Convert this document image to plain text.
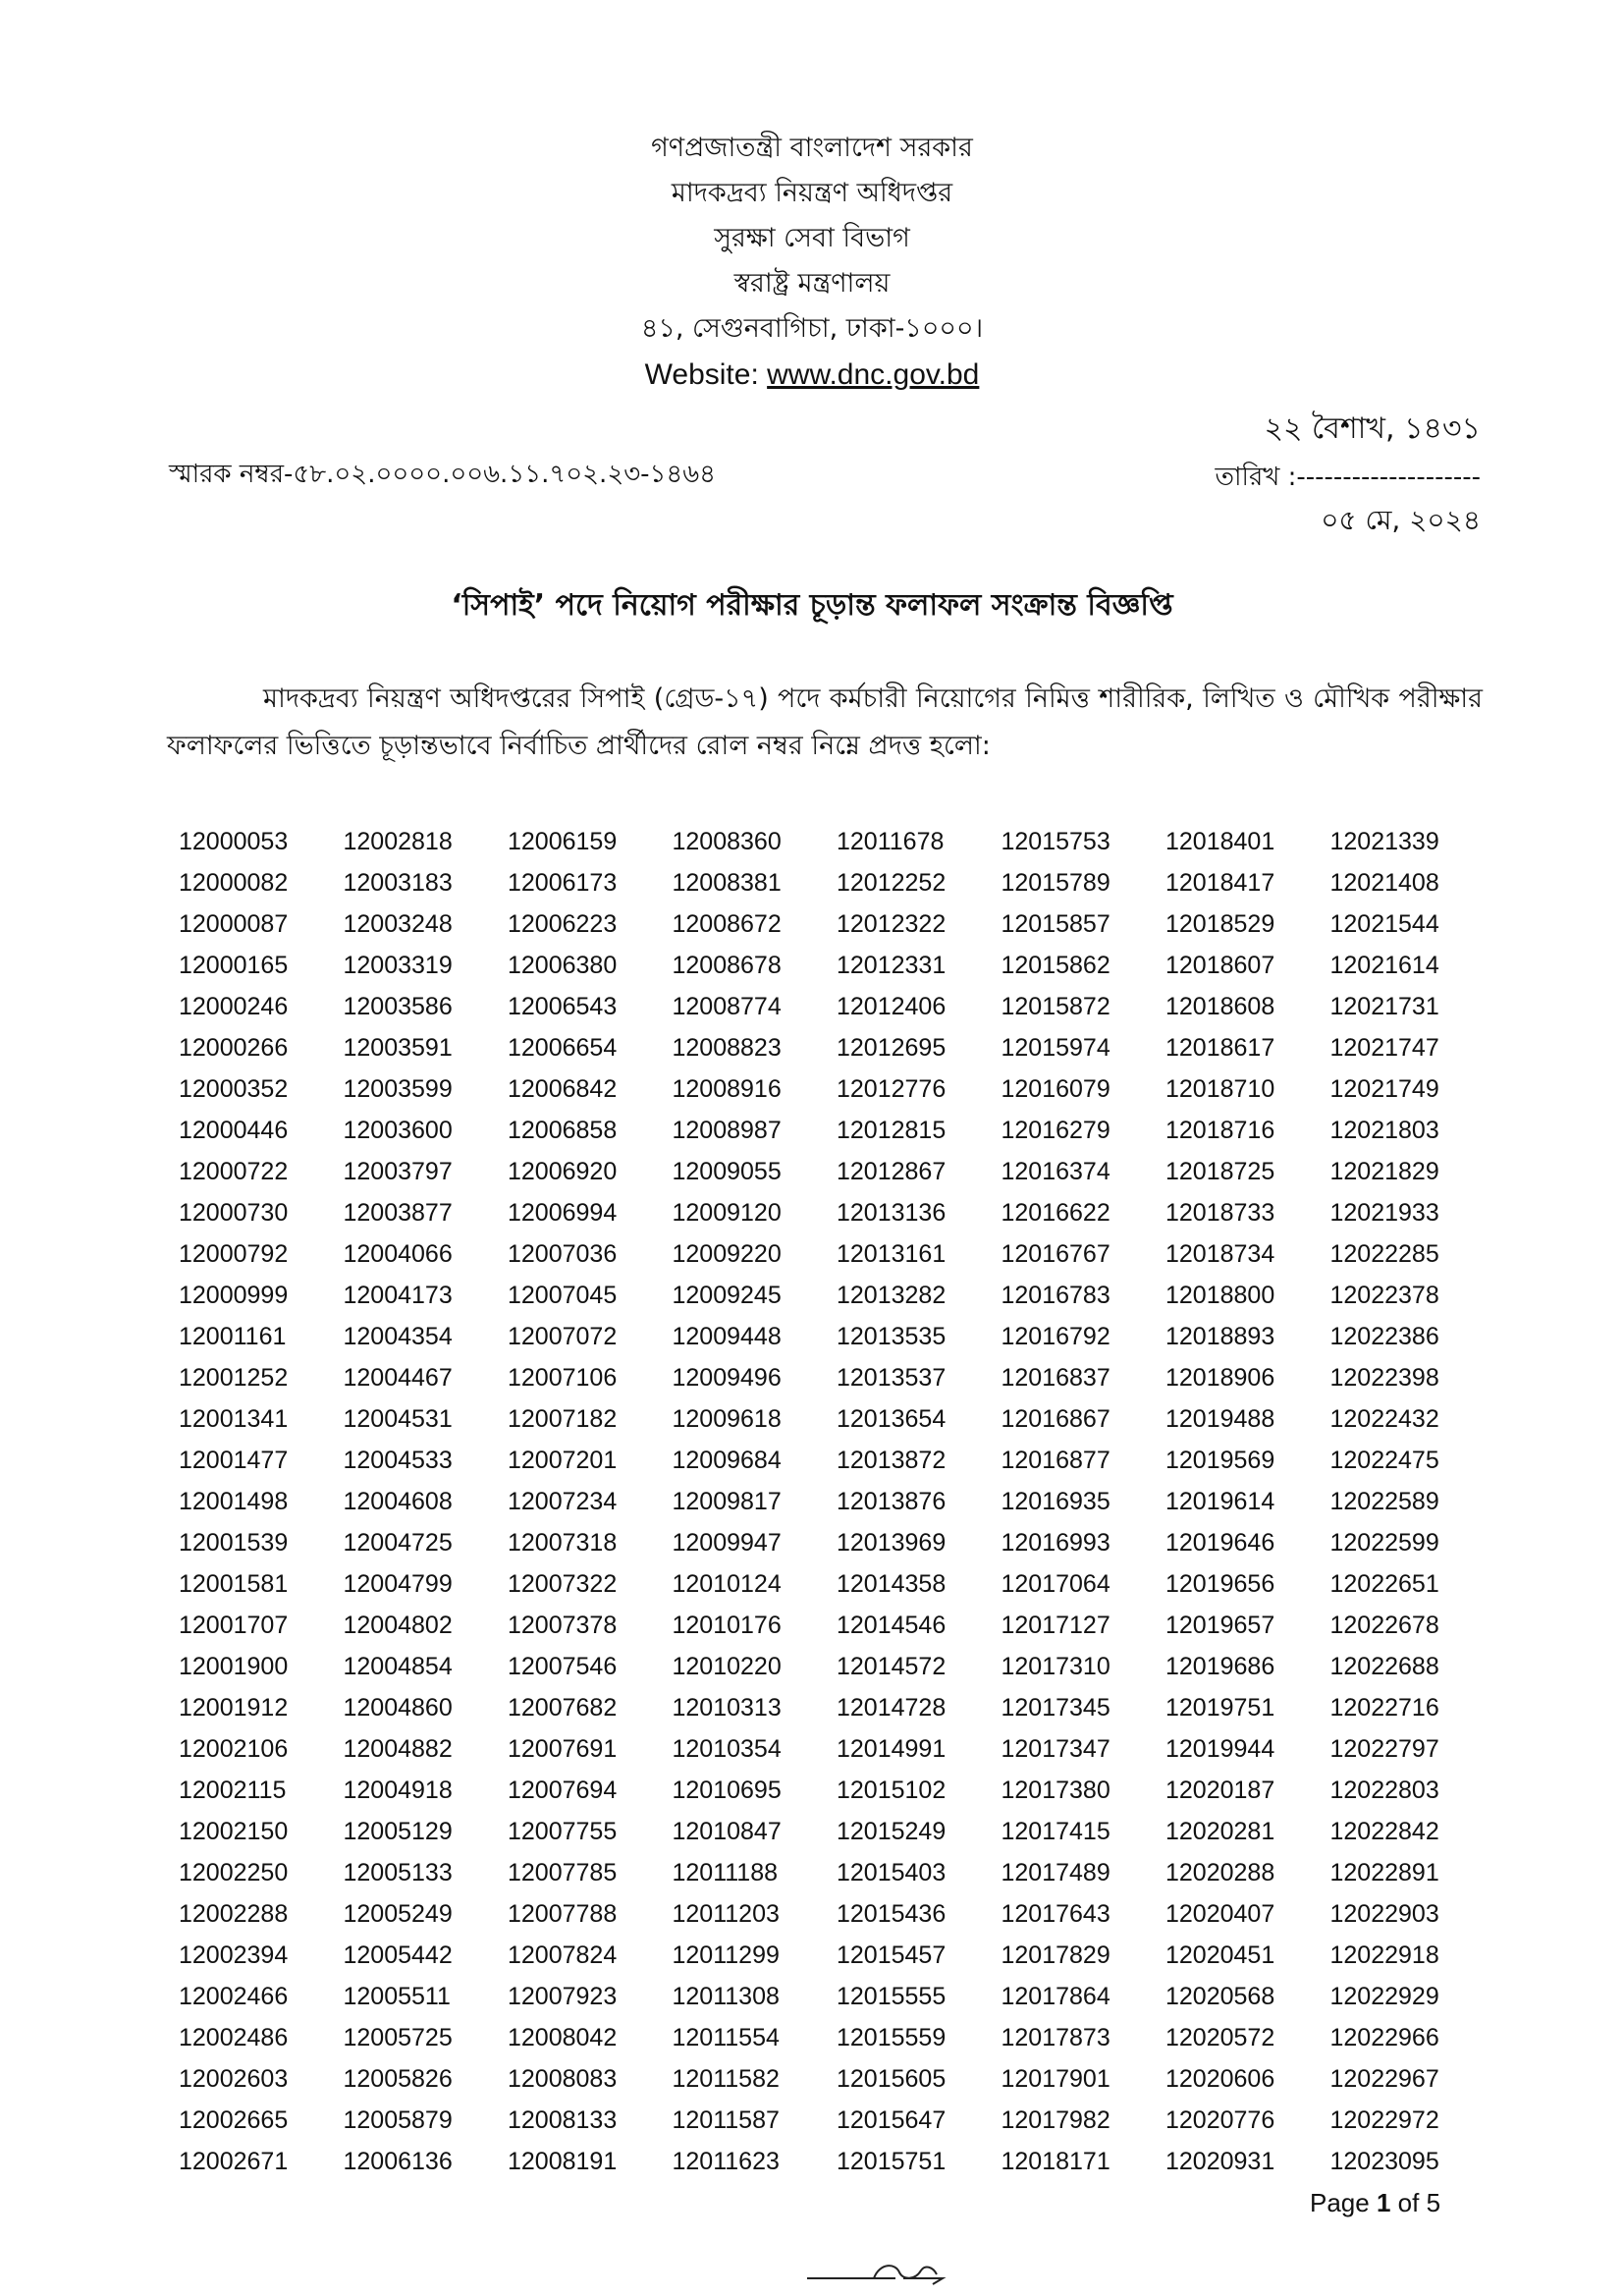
গণপ্রজাতন্ত্রী বাংলাদেশ সরকার
মাদকদ্রব্য নিয়ন্ত্রণ অধিদপ্তর
সুরক্ষা সেবা বিভাগ
স্বরাষ্ট্র মন্ত্রণালয়
৪১, সেগুনবাগিচা, ঢাকা-১০০০।
Website: www.dnc.gov.bd
২২ বৈশাখ, ১৪৩১
স্মারক নম্বর-৫৮.০২.০০০০.০০৬.১১.৭০২.২৩-১৪৬৪	তারিখ :--------------------
০৫ মে, ২০২৪
‘সিপাই’ পদে নিয়োগ পরীক্ষার চূড়ান্ত ফলাফল সংক্রান্ত বিজ্ঞপ্তি
মাদকদ্রব্য নিয়ন্ত্রণ অধিদপ্তরের সিপাই (গ্রেড-১৭) পদে কর্মচারী নিয়োগের নিমিত্ত শারীরিক, লিখিত ও মৌখিক পরীক্ষার ফলাফলের ভিত্তিতে চূড়ান্তভাবে নির্বাচিত প্রার্থীদের রোল নম্বর নিম্নে প্রদত্ত হলো:
12000053	12002818	12006159	12008360	12011678	12015753	12018401	12021339
12000082	12003183	12006173	12008381	12012252	12015789	12018417	12021408
12000087	12003248	12006223	12008672	12012322	12015857	12018529	12021544
12000165	12003319	12006380	12008678	12012331	12015862	12018607	12021614
12000246	12003586	12006543	12008774	12012406	12015872	12018608	12021731
12000266	12003591	12006654	12008823	12012695	12015974	12018617	12021747
12000352	12003599	12006842	12008916	12012776	12016079	12018710	12021749
12000446	12003600	12006858	12008987	12012815	12016279	12018716	12021803
12000722	12003797	12006920	12009055	12012867	12016374	12018725	12021829
12000730	12003877	12006994	12009120	12013136	12016622	12018733	12021933
12000792	12004066	12007036	12009220	12013161	12016767	12018734	12022285
12000999	12004173	12007045	12009245	12013282	12016783	12018800	12022378
12001161	12004354	12007072	12009448	12013535	12016792	12018893	12022386
12001252	12004467	12007106	12009496	12013537	12016837	12018906	12022398
12001341	12004531	12007182	12009618	12013654	12016867	12019488	12022432
12001477	12004533	12007201	12009684	12013872	12016877	12019569	12022475
12001498	12004608	12007234	12009817	12013876	12016935	12019614	12022589
12001539	12004725	12007318	12009947	12013969	12016993	12019646	12022599
12001581	12004799	12007322	12010124	12014358	12017064	12019656	12022651
12001707	12004802	12007378	12010176	12014546	12017127	12019657	12022678
12001900	12004854	12007546	12010220	12014572	12017310	12019686	12022688
12001912	12004860	12007682	12010313	12014728	12017345	12019751	12022716
12002106	12004882	12007691	12010354	12014991	12017347	12019944	12022797
12002115	12004918	12007694	12010695	12015102	12017380	12020187	12022803
12002150	12005129	12007755	12010847	12015249	12017415	12020281	12022842
12002250	12005133	12007785	12011188	12015403	12017489	12020288	12022891
12002288	12005249	12007788	12011203	12015436	12017643	12020407	12022903
12002394	12005442	12007824	12011299	12015457	12017829	12020451	12022918
12002466	12005511	12007923	12011308	12015555	12017864	12020568	12022929
12002486	12005725	12008042	12011554	12015559	12017873	12020572	12022966
12002603	12005826	12008083	12011582	12015605	12017901	12020606	12022967
12002665	12005879	12008133	12011587	12015647	12017982	12020776	12022972
12002671	12006136	12008191	12011623	12015751	12018171	12020931	12023095
Page 1 of 5
